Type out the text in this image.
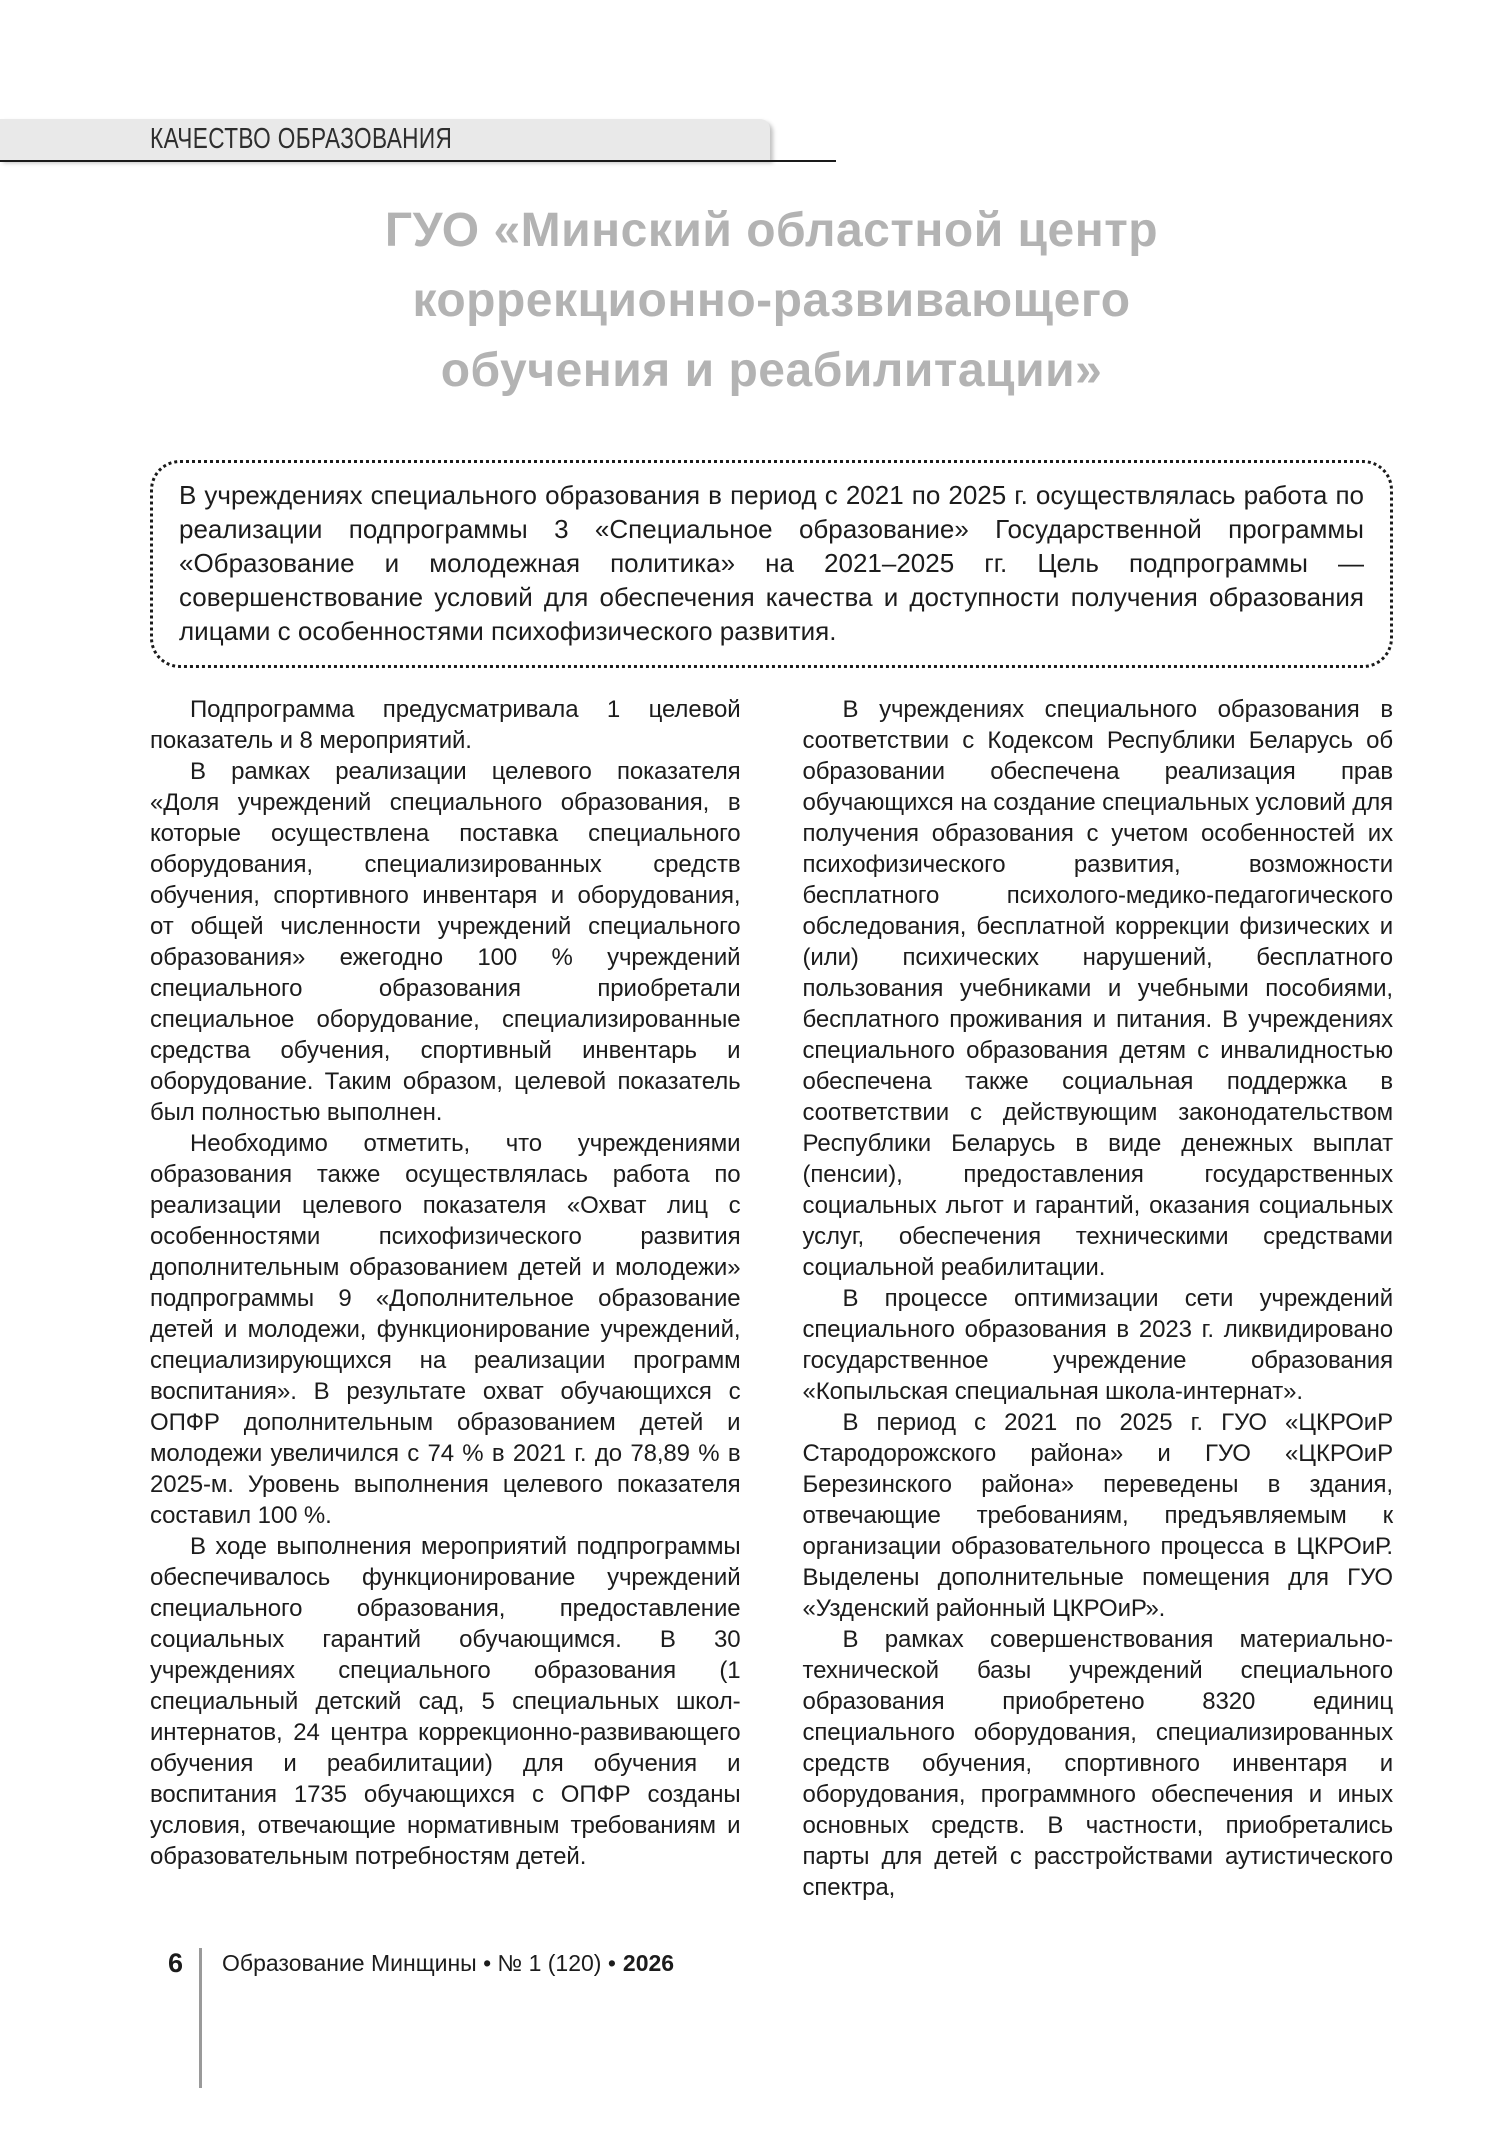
КАЧЕСТВО ОБРАЗОВАНИЯ
ГУО «Минский областной центр
коррекционно-развивающего
обучения и реабилитации»

В учреждениях специального образования в период с 2021 по 2025 г. осуществлялась работа по реализации подпрограммы 3 «Специальное образование» Государственной программы «Образование и молодежная политика» на 2021–2025 гг. Цель подпрограммы — совершенствование условий для обеспечения качества и доступности получения образования лицами с особенностями психофизического развития.

Подпрограмма предусматривала 1 целевой показатель и 8 мероприятий.

В рамках реализации целевого показателя «Доля учреждений специального образования, в которые осуществлена поставка специального оборудования, специализированных средств обучения, спортивного инвентаря и оборудования, от общей численности учреждений специального образования» ежегодно 100 % учреждений специального образования приобретали специальное оборудование, специализированные средства обучения, спортивный инвентарь и оборудование. Таким образом, целевой показатель был полностью выполнен.

Необходимо отметить, что учреждениями образования также осуществлялась работа по реализации целевого показателя «Охват лиц с особенностями психофизического развития дополнительным образованием детей и молодежи» подпрограммы 9 «Дополнительное образование детей и молодежи, функционирование учреждений, специализирующихся на реализации программ воспитания». В результате охват обучающихся с ОПФР дополнительным образованием детей и молодежи увеличился с 74 % в 2021 г. до 78,89 % в 2025-м. Уровень выполнения целевого показателя составил 100 %.

В ходе выполнения мероприятий подпрограммы обеспечивалось функционирование учреждений специального образования, предоставление социальных гарантий обучающимся. В 30 учреждениях специального образования (1 специальный детский сад, 5 специальных школ-интернатов, 24 центра коррекционно-развивающего обучения и реабилитации) для обучения и воспитания 1735 обучающихся с ОПФР созданы условия, отвечающие нормативным требованиям и образовательным потребностям детей.

В учреждениях специального образования в соответствии с Кодексом Республики Беларусь об образовании обеспечена реализация прав обучающихся на создание специальных условий для получения образования с учетом особенностей их психофизического развития, возможности бесплатного психолого-медико-педагогического обследования, бесплатной коррекции физических и (или) психических нарушений, бесплатного пользования учебниками и учебными пособиями, бесплатного проживания и питания. В учреждениях специального образования детям с инвалидностью обеспечена также социальная поддержка в соответствии с действующим законодательством Республики Беларусь в виде денежных выплат (пенсии), предоставления государственных социальных льгот и гарантий, оказания социальных услуг, обеспечения техническими средствами социальной реабилитации.

В процессе оптимизации сети учреждений специального образования в 2023 г. ликвидировано государственное учреждение образования «Копыльская специальная школа-интернат».

В период с 2021 по 2025 г. ГУО «ЦКРОиР Стародорожского района» и ГУО «ЦКРОиР Березинского района» переведены в здания, отвечающие требованиям, предъявляемым к организации образовательного процесса в ЦКРОиР. Выделены дополнительные помещения для ГУО «Узденский районный ЦКРОиР».

В рамках совершенствования материально-технической базы учреждений специального образования приобретено 8320 единиц специального оборудования, специализированных средств обучения, спортивного инвентаря и оборудования, программного обеспечения и иных основных средств. В частности, приобретались парты для детей с расстройствами аутистического спектра,

6 Образование Минщины • № 1 (120) • 2026
